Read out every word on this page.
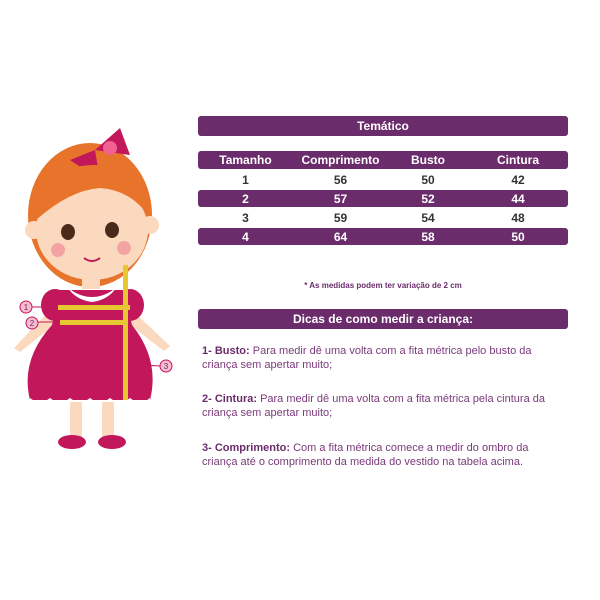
1
2
3
Temático
Tamanho	Comprimento	Busto	Cintura
1	56	50	42
2	57	52	44
3	59	54	48
4	64	58	50
* As medidas podem ter variação de 2 cm
Dicas de como medir a criança:
1- Busto: Para medir dê uma volta com a fita métrica pelo busto da criança sem apertar muito;
2- Cintura: Para medir dê uma volta com a fita métrica pela cintura da criança sem apertar muito;
3- Comprimento: Com a fita métrica comece a medir do ombro da criança até o comprimento da medida do vestido na tabela acima.
